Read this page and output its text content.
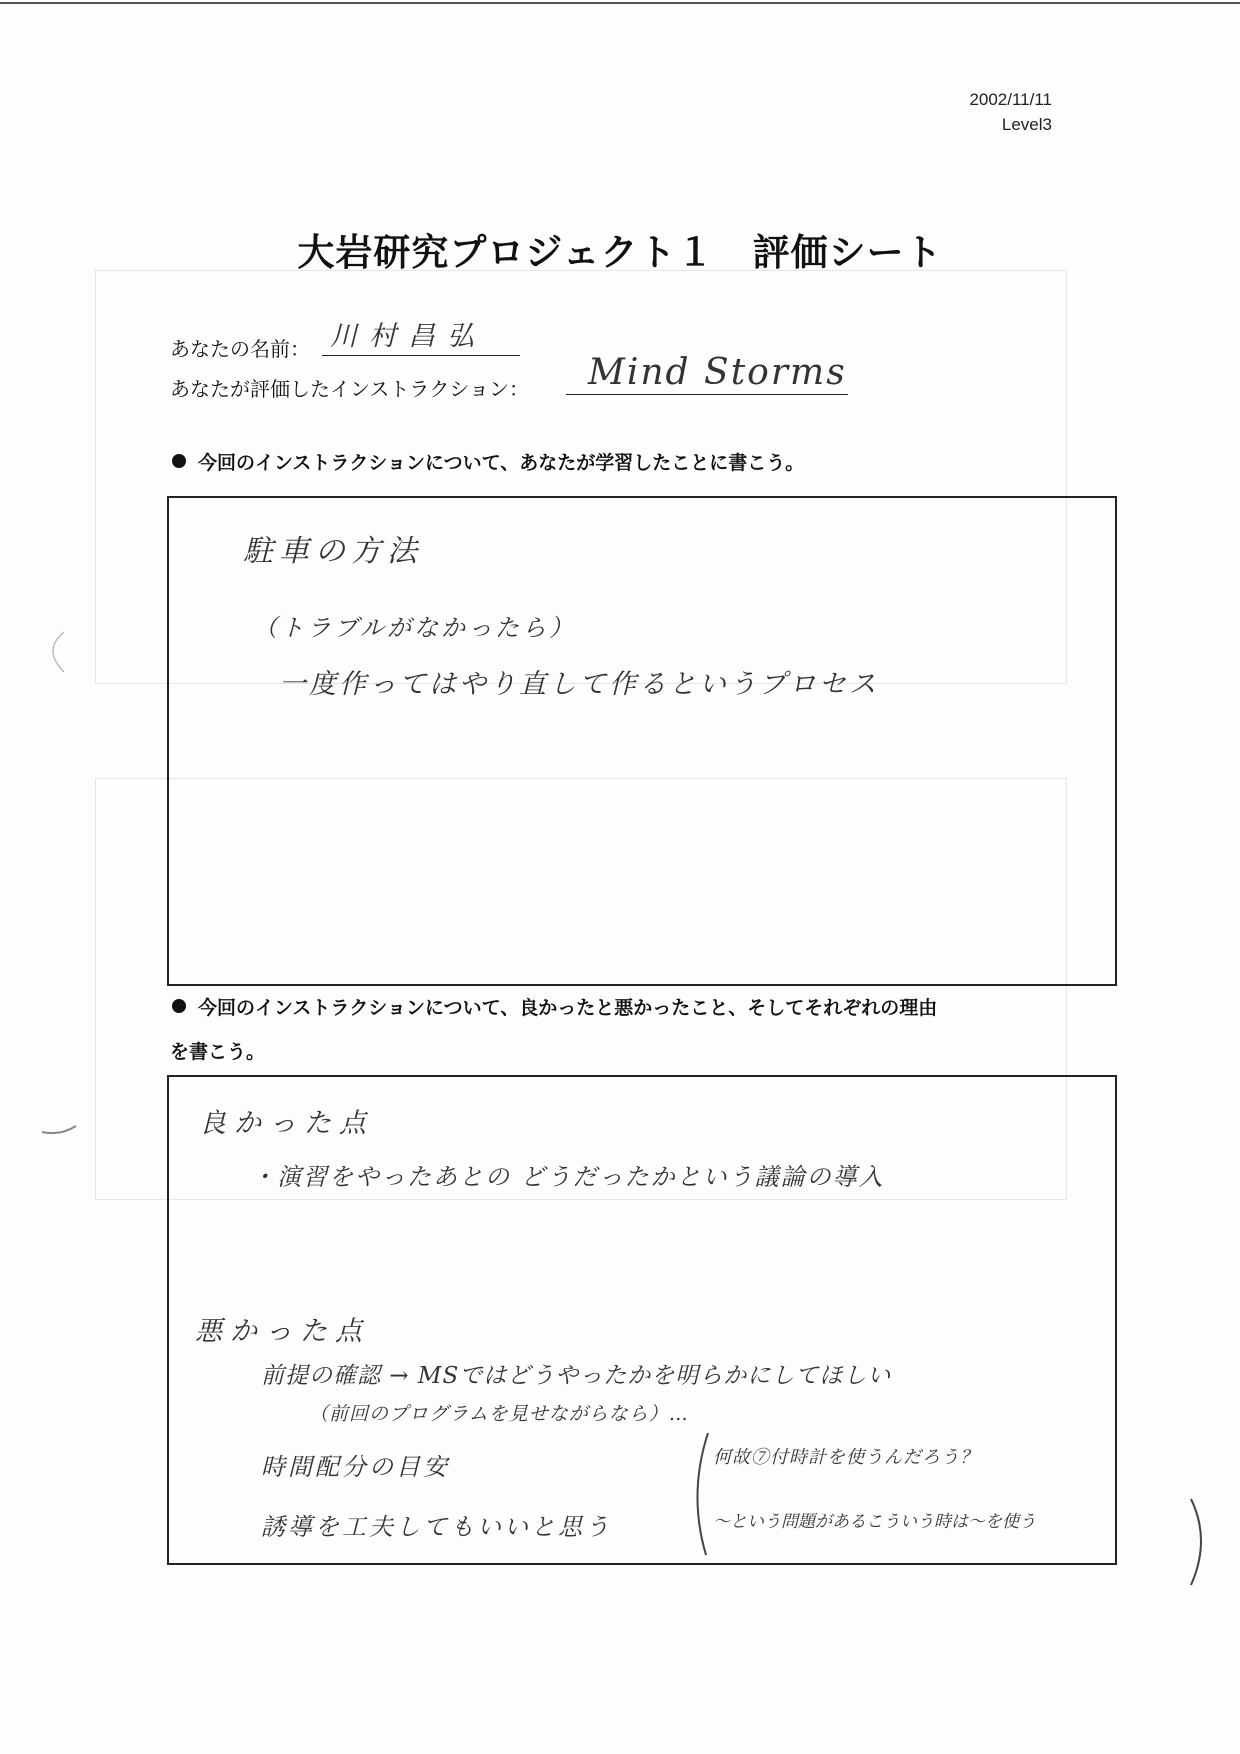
2002/11/11
Level3
大岩研究プロジェクト１　評価シート
あなたの名前： 川村昌弘
あなたが評価したインストラクション： Mind Storms
今回のインストラクションについて、あなたが学習したことに書こう。
駐車の方法
（トラブルがなかったら）
一度作ってはやり直して作るというプロセス
今回のインストラクションについて、良かったと悪かったこと、そしてそれぞれの理由
を書こう。
良かった点
・演習をやったあとの どうだったかという議論の導入
悪かった点
前提の確認 → MSではどうやったかを明らかにしてほしい
（前回のプログラムを見せながらなら）…
時間配分の目安
誘導を工夫してもいいと思う
何故⑦付時計を使うんだろう？
～という問題があるこういう時は～を使う
